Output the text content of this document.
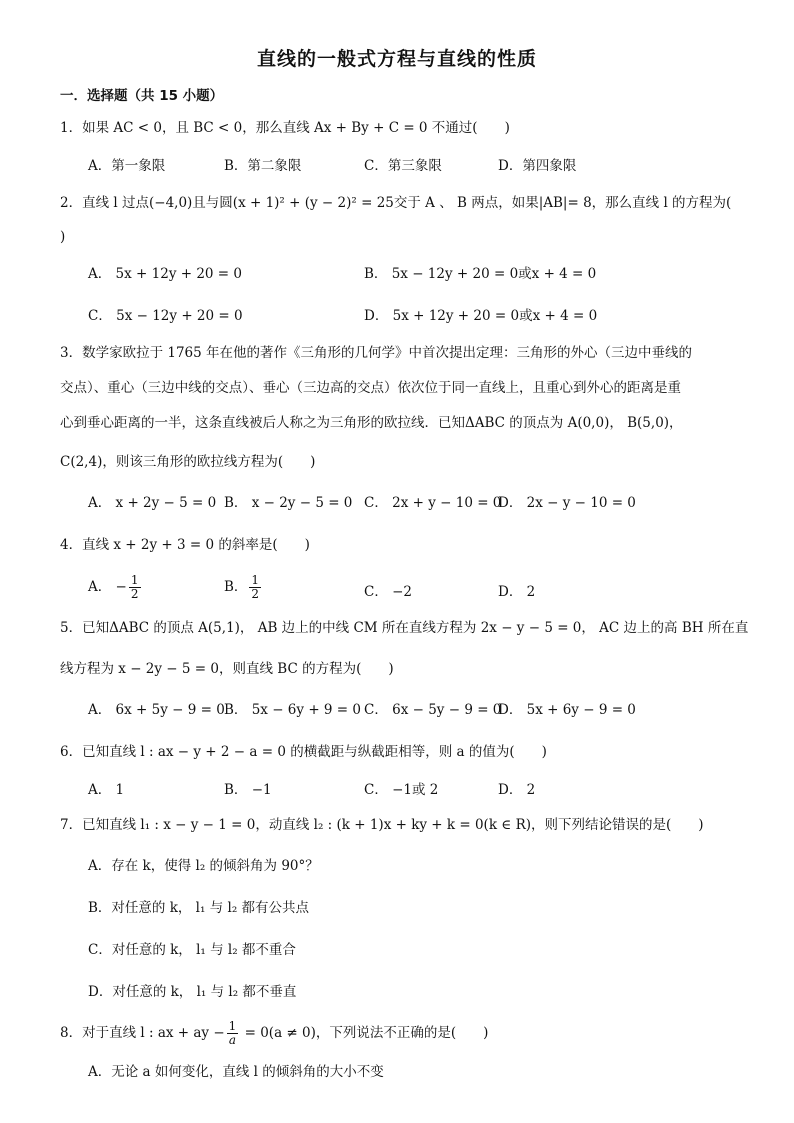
直线的一般式方程与直线的性质
一．选择题（共 15 小题）
1．如果 AC < 0，且 BC < 0，那么直线 Ax + By + C = 0 不通过(　　)
A．第一象限	B．第二象限	C．第三象限	D．第四象限
2．直线 l 过点(−4,0)且与圆(x + 1)² + (y − 2)² = 25交于 A 、 B 两点，如果|AB|= 8，那么直线 l 的方程为(
)
A． 5x + 12y + 20 = 0	B． 5x − 12y + 20 = 0或x + 4 = 0
C． 5x − 12y + 20 = 0	D． 5x + 12y + 20 = 0或x + 4 = 0
3．数学家欧拉于 1765 年在他的著作《三角形的几何学》中首次提出定理：三角形的外心（三边中垂线的
交点）、重心（三边中线的交点）、垂心（三边高的交点）依次位于同一直线上，且重心到外心的距离是重
心到垂心距离的一半，这条直线被后人称之为三角形的欧拉线．已知ΔABC 的顶点为 A(0,0)， B(5,0)，
C(2,4)，则该三角形的欧拉线方程为(　　)
A． x + 2y − 5 = 0 B． x − 2y − 5 = 0 C． 2x + y − 10 = 0
D． 2x − y − 10 = 0
4．直线 x + 2y + 3 = 0 的斜率是(　　)
A． − $\frac{1}{2}$	B． $\frac{1}{2}$	C． −2	D． 2
5．已知ΔABC 的顶点 A(5,1)， AB 边上的中线 CM 所在直线方程为 2x − y − 5 = 0， AC 边上的高 BH 所在直
线方程为 x − 2y − 5 = 0，则直线 BC 的方程为(　　)
A． 6x + 5y − 9 = 0 B． 5x − 6y + 9 = 0 C． 6x − 5y − 9 = 0
D． 5x + 6y − 9 = 0
6．已知直线 l : ax − y + 2 − a = 0 的横截距与纵截距相等，则 a 的值为(　　)
A． 1	B． −1	C． −1或 2	D． 2
7．已知直线 l₁ : x − y − 1 = 0，动直线 l₂ : (k + 1)x + ky + k = 0(k ∈ R)，则下列结论错误的是(　　)
A．存在 k，使得 l₂ 的倾斜角为 90°？
B．对任意的 k， l₁ 与 l₂ 都有公共点
C．对任意的 k， l₁ 与 l₂ 都不重合
D．对任意的 k， l₁ 与 l₂ 都不垂直
8．对于直线 l : ax + ay − $\frac{1}{a} = 0(a \ne 0)$，下列说法不正确的是(　　)
A．无论 a 如何变化，直线 l 的倾斜角的大小不变
